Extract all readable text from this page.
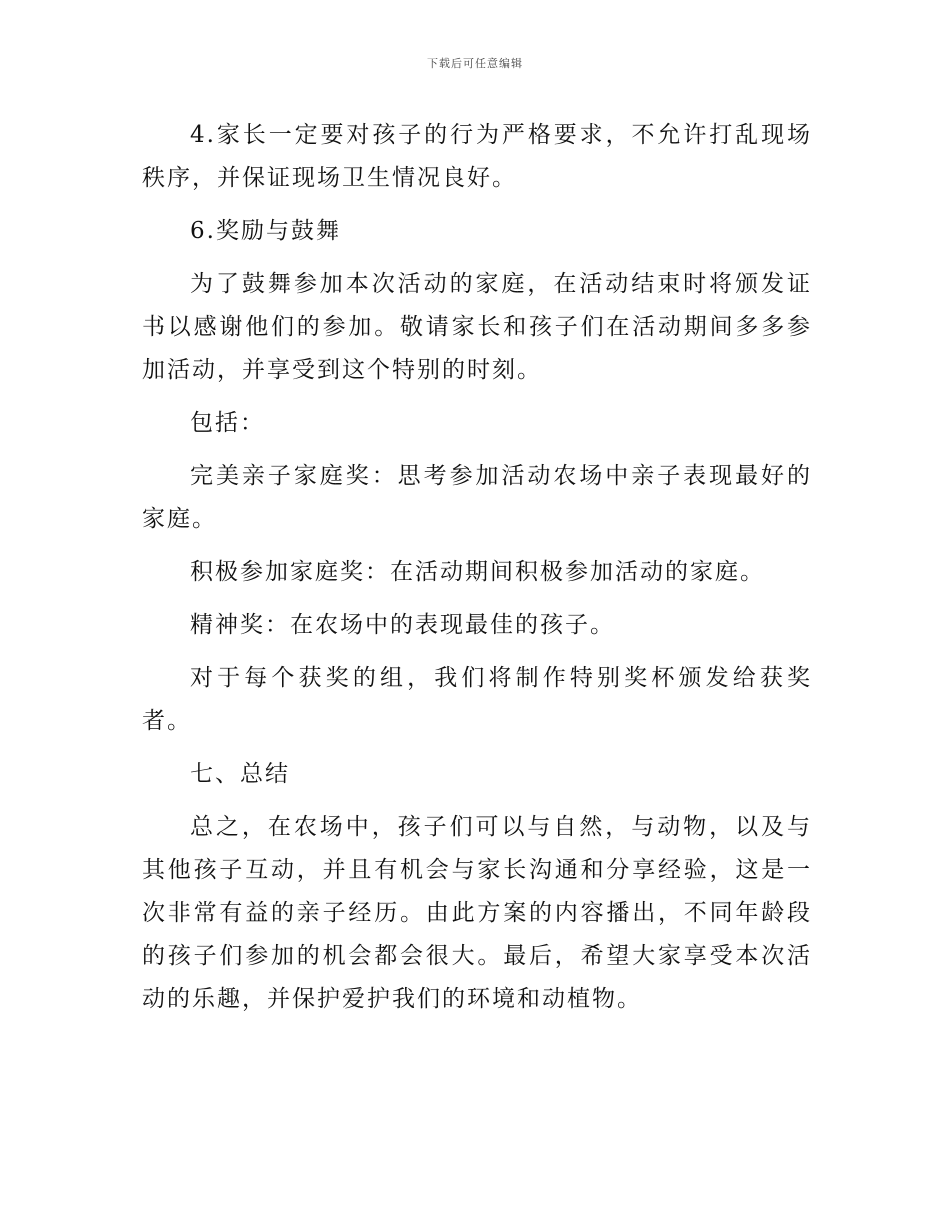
下载后可任意编辑

4.家长一定要对孩子的行为严格要求，不允许打乱现场秩序，并保证现场卫生情况良好。

6.奖励与鼓舞

为了鼓舞参加本次活动的家庭，在活动结束时将颁发证书以感谢他们的参加。敬请家长和孩子们在活动期间多多参加活动，并享受到这个特别的时刻。

包括：

完美亲子家庭奖：思考参加活动农场中亲子表现最好的家庭。

积极参加家庭奖：在活动期间积极参加活动的家庭。

精神奖：在农场中的表现最佳的孩子。

对于每个获奖的组，我们将制作特别奖杯颁发给获奖者。

七、总结

总之，在农场中，孩子们可以与自然，与动物，以及与其他孩子互动，并且有机会与家长沟通和分享经验，这是一次非常有益的亲子经历。由此方案的内容播出，不同年龄段的孩子们参加的机会都会很大。最后，希望大家享受本次活动的乐趣，并保护爱护我们的环境和动植物。
